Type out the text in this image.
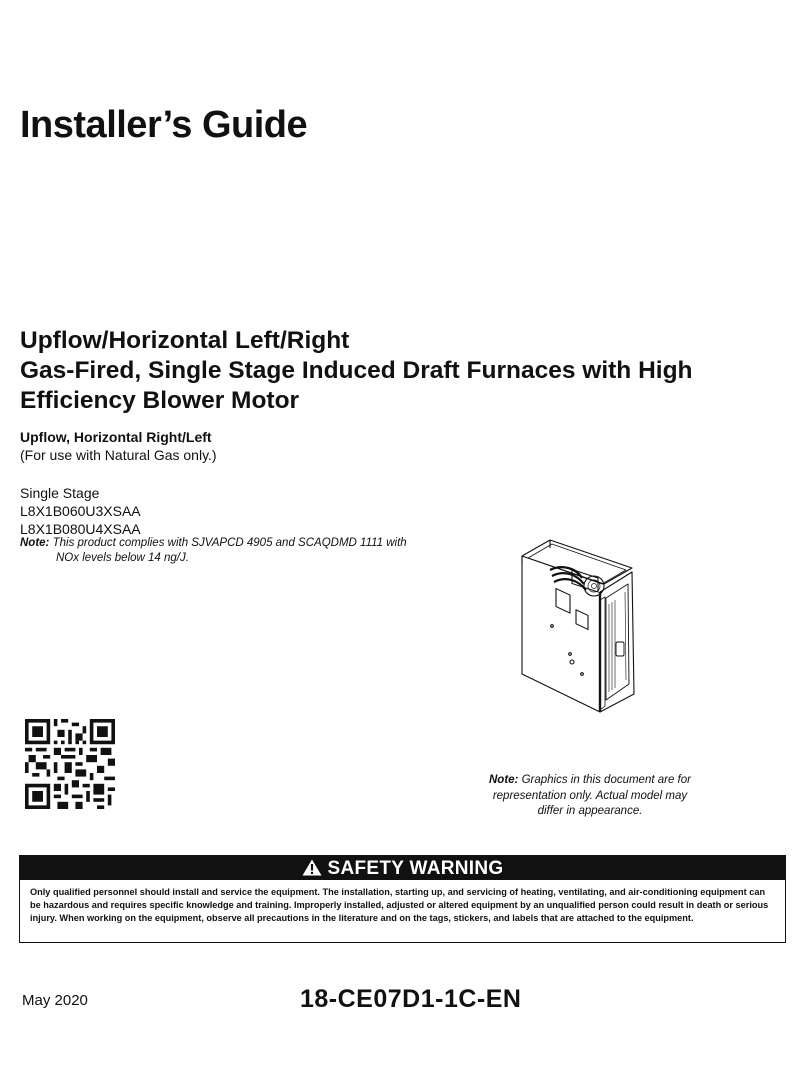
Installer’s Guide
Upflow/Horizontal Left/Right
Gas-Fired, Single Stage Induced Draft Furnaces with High
Efficiency Blower Motor
Upflow, Horizontal Right/Left
(For use with Natural Gas only.)
Single Stage
L8X1B060U3XSAA
L8X1B080U4XSAA
Note: This product complies with SJVAPCD 4905 and SCAQDMD 1111 with
NOx levels below 14 ng/J.
Note: Graphics in this document are for
representation only. Actual model may
differ in appearance.
SAFETY WARNING
Only qualified personnel should install and service the equipment. The installation, starting up, and servicing of heating, ventilating, and air-conditioning equipment can be hazardous and requires specific knowledge and training. Improperly installed, adjusted or altered equipment by an unqualified person could result in death or serious injury. When working on the equipment, observe all precautions in the literature and on the tags, stickers, and labels that are attached to the equipment.
May 2020	18-CE07D1-1C-EN
